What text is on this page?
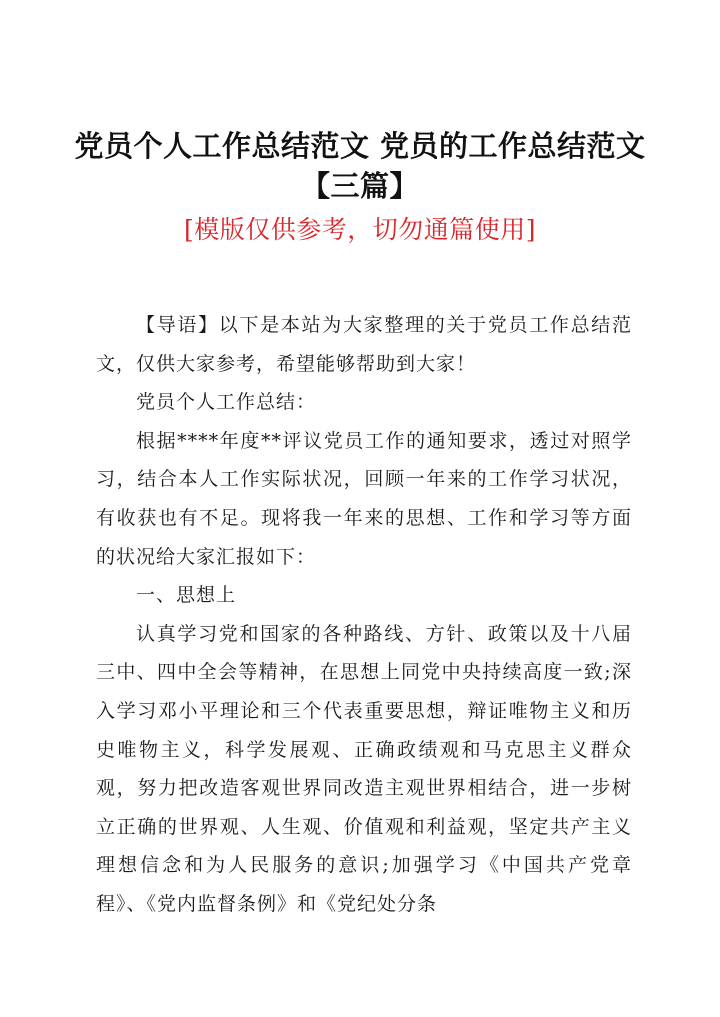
党员个人工作总结范文 党员的工作总结范文
【三篇】
[模版仅供参考，切勿通篇使用]

【导语】以下是本站为大家整理的关于党员工作总结范文，仅供大家参考，希望能够帮助到大家！

党员个人工作总结：

根据****年度**评议党员工作的通知要求，透过对照学习，结合本人工作实际状况，回顾一年来的工作学习状况，有收获也有不足。现将我一年来的思想、工作和学习等方面的状况给大家汇报如下：

一、思想上

认真学习党和国家的各种路线、方针、政策以及十八届三中、四中全会等精神，在思想上同党中央持续高度一致;深入学习邓小平理论和三个代表重要思想，辩证唯物主义和历史唯物主义，科学发展观、正确政绩观和马克思主义群众观，努力把改造客观世界同改造主观世界相结合，进一步树立正确的世界观、人生观、价值观和利益观，坚定共产主义理想信念和为人民服务的意识;加强学习《中国共产党章程》、《党内监督条例》和《党纪处分条
